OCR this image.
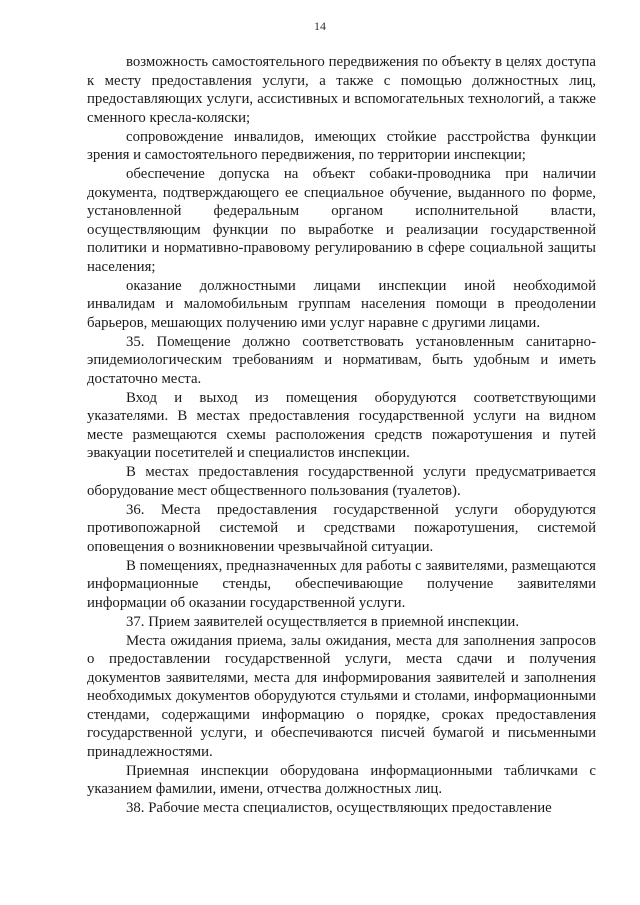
14

возможность самостоятельного передвижения по объекту в целях доступа к месту предоставления услуги, а также с помощью должностных лиц, предоставляющих услуги, ассистивных и вспомогательных технологий, а также сменного кресла-коляски;

сопровождение инвалидов, имеющих стойкие расстройства функции зрения и самостоятельного передвижения, по территории инспекции;

обеспечение допуска на объект собаки-проводника при наличии документа, подтверждающего ее специальное обучение, выданного по форме, установленной федеральным органом исполнительной власти, осуществляющим функции по выработке и реализации государственной политики и нормативно-правовому регулированию в сфере социальной защиты населения;

оказание должностными лицами инспекции иной необходимой инвалидам и маломобильным группам населения помощи в преодолении барьеров, мешающих получению ими услуг наравне с другими лицами.

35. Помещение должно соответствовать установленным санитарно-эпидемиологическим требованиям и нормативам, быть удобным и иметь достаточно места.

Вход и выход из помещения оборудуются соответствующими указателями. В местах предоставления государственной услуги на видном месте размещаются схемы расположения средств пожаротушения и путей эвакуации посетителей и специалистов инспекции.

В местах предоставления государственной услуги предусматривается оборудование мест общественного пользования (туалетов).

36. Места предоставления государственной услуги оборудуются противопожарной системой и средствами пожаротушения, системой оповещения о возникновении чрезвычайной ситуации.

В помещениях, предназначенных для работы с заявителями, размещаются информационные стенды, обеспечивающие получение заявителями информации об оказании государственной услуги.

37. Прием заявителей осуществляется в приемной инспекции.

Места ожидания приема, залы ожидания, места для заполнения запросов о предоставлении государственной услуги, места сдачи и получения документов заявителями, места для информирования заявителей и заполнения необходимых документов оборудуются стульями и столами, информационными стендами, содержащими информацию о порядке, сроках предоставления государственной услуги, и обеспечиваются писчей бумагой и письменными принадлежностями.

Приемная инспекции оборудована информационными табличками с указанием фамилии, имени, отчества должностных лиц.

38. Рабочие места специалистов, осуществляющих предоставление
